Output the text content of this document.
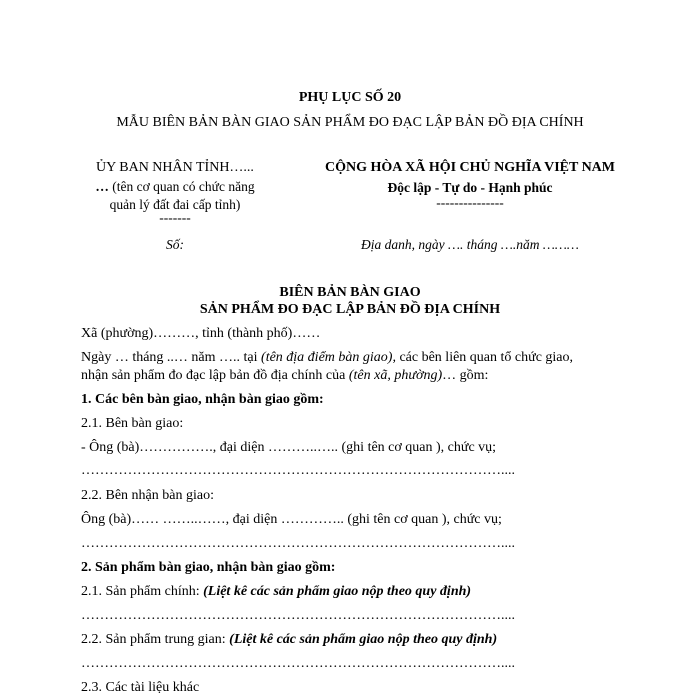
PHỤ LỤC SỐ 20
MẪU BIÊN BẢN BÀN GIAO SẢN PHẨM ĐO ĐẠC LẬP BẢN ĐỒ ĐỊA CHÍNH
ỦY BAN NHÂN TỈNH…...
… (tên cơ quan có chức năng
quản lý đất đai cấp tỉnh)
-------
Số:
CỘNG HÒA XÃ HỘI CHỦ NGHĨA VIỆT NAM
Độc lập - Tự do - Hạnh phúc
---------------
Địa danh, ngày …. tháng ….năm ………
BIÊN BẢN BÀN GIAO
SẢN PHẨM ĐO ĐẠC LẬP BẢN ĐỒ ĐỊA CHÍNH
Xã (phường)………, tỉnh (thành phố)……
Ngày … tháng ..… năm ….. tại (tên địa điểm bàn giao), các bên liên quan tổ chức giao,
nhận sản phẩm đo đạc lập bản đồ địa chính của (tên xã, phường)… gồm:
1. Các bên bàn giao, nhận bàn giao gồm:
2.1. Bên bàn giao:
- Ông (bà)……………., đại diện ………..….. (ghi tên cơ quan ), chức vụ;
………………………………………………………………………………....
2.2. Bên nhận bàn giao:
Ông (bà)…… ……..……, đại diện ………….. (ghi tên cơ quan ), chức vụ;
………………………………………………………………………………....
2. Sản phẩm bàn giao, nhận bàn giao gồm:
2.1. Sản phẩm chính: (Liệt kê các sản phẩm giao nộp theo quy định)
………………………………………………………………………………....
2.2. Sản phẩm trung gian: (Liệt kê các sản phẩm giao nộp theo quy định)
………………………………………………………………………………....
2.3. Các tài liệu khác
